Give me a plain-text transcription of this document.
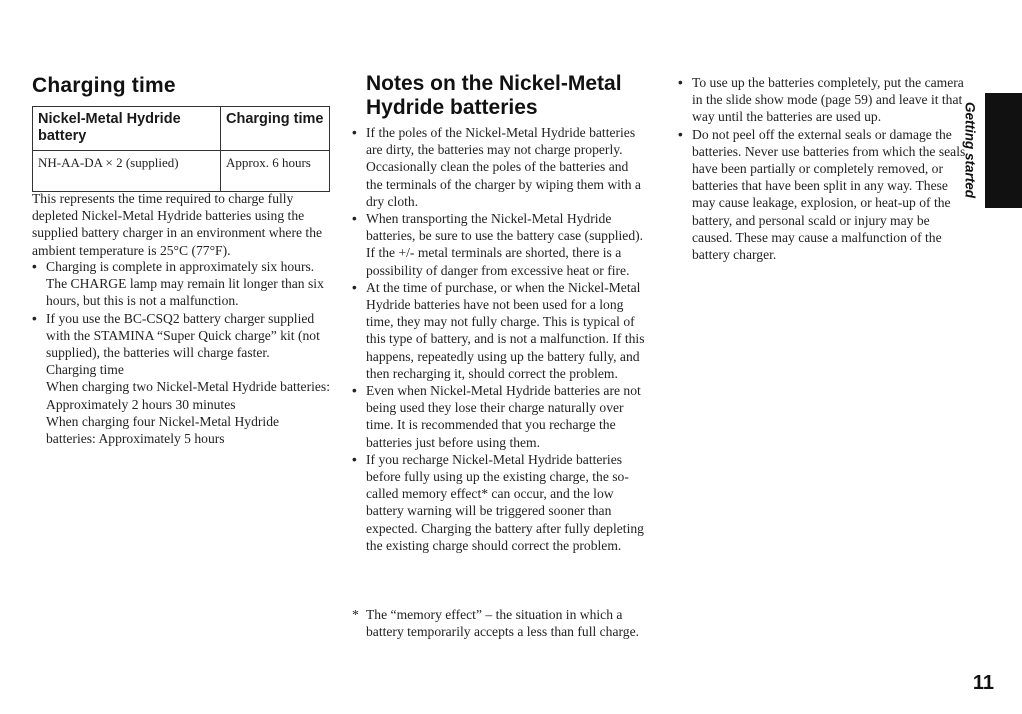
Charging time
Nickel-Metal Hydride battery	Charging time
NH-AA-DA × 2 (supplied)	Approx. 6 hours

This represents the time required to charge fully depleted Nickel-Metal Hydride batteries using the supplied battery charger in an environment where the ambient temperature is 25°C (77°F).

• Charging is complete in approximately six hours. The CHARGE lamp may remain lit longer than six hours, but this is not a malfunction.
• If you use the BC-CSQ2 battery charger supplied with the STAMINA “Super Quick charge” kit (not supplied), the batteries will charge faster.
Charging time
When charging two Nickel-Metal Hydride batteries: Approximately 2 hours 30 minutes
When charging four Nickel-Metal Hydride batteries: Approximately 5 hours
Notes on the Nickel-Metal Hydride batteries
• If the poles of the Nickel-Metal Hydride batteries are dirty, the batteries may not charge properly. Occasionally clean the poles of the batteries and the terminals of the charger by wiping them with a dry cloth.
• When transporting the Nickel-Metal Hydride batteries, be sure to use the battery case (supplied). If the +/- metal terminals are shorted, there is a possibility of danger from excessive heat or fire.
• At the time of purchase, or when the Nickel-Metal Hydride batteries have not been used for a long time, they may not fully charge. This is typical of this type of battery, and is not a malfunction. If this happens, repeatedly using up the battery fully, and then recharging it, should correct the problem.
• Even when Nickel-Metal Hydride batteries are not being used they lose their charge naturally over time. It is recommended that you recharge the batteries just before using them.
• If you recharge Nickel-Metal Hydride batteries before fully using up the existing charge, the so-called memory effect* can occur, and the low battery warning will be triggered sooner than expected. Charging the battery after fully depleting the existing charge should correct the problem.

* The “memory effect” – the situation in which a battery temporarily accepts a less than full charge.

• To use up the batteries completely, put the camera in the slide show mode (page 59) and leave it that way until the batteries are used up.
• Do not peel off the external seals or damage the batteries. Never use batteries from which the seals have been partially or completely removed, or batteries that have been split in any way. These may cause leakage, explosion, or heat-up of the battery, and personal scald or injury may be caused. These may cause a malfunction of the battery charger.
Getting started
11
